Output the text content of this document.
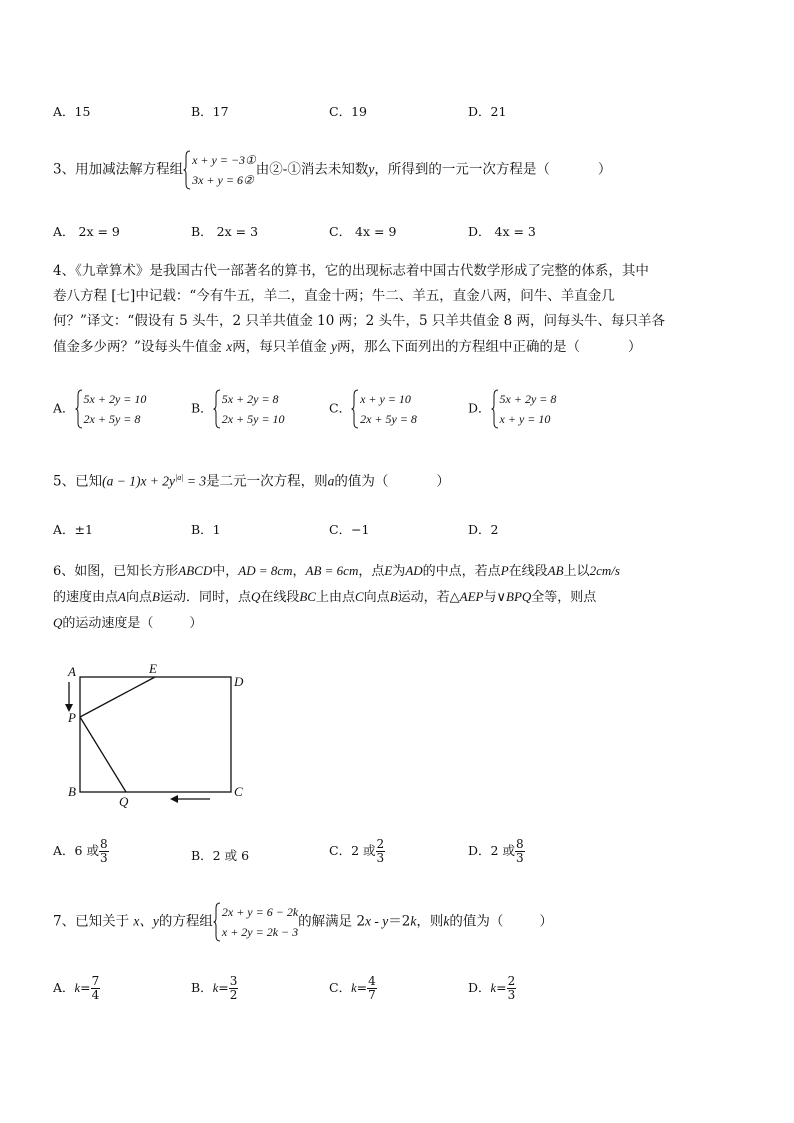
A．15	B．17	C．19	D．21
3、用加减法解方程组
x + y = −3①
3x + y = 6②
由②-①消去未知数y，所得到的一元一次方程是（	）
A． 2x = 9	B． 2x = 3	C． 4x = 9	D． 4x = 3
4、《九章算术》是我国古代一部著名的算书，它的出现标志着中国古代数学形成了完整的体系，其中
卷八方程 [七]中记载：“今有牛五，羊二，直金十两；牛二、羊五，直金八两，问牛、羊直金几
何？”译文：“假设有 5 头牛，2 只羊共值金 10 两；2 头牛，5 只羊共值金 8 两，问每头牛、每只羊各
值金多少两？”设每头牛值金 x两，每只羊值金 y两，那么下面列出的方程组中正确的是（	）
A．
5x + 2y = 10
2x + 5y = 8
B．
5x + 2y = 8
2x + 5y = 10
C．
x + y = 10
2x + 5y = 8
D．
5x + 2y = 8
x + y = 10
5、已知$(a - 1)x + 2y^{|a|} = 3$是二元一次方程，则a的值为（	）
A．±1	B．1	C．−1	D．2
6、如图，已知长方形ABCD中，AD = 8cm，AB = 6cm，点E为AD的中点，若点P在线段AB上以2cm/s
的速度由点A向点B运动．同时，点Q在线段BC上由点C向点B运动，若△AEP与∨BPQ全等，则点
Q的运动速度是（	）
A	E
D
P
B
Q
C
A．6 或 $\frac{8}{3}$	B．2 或 6	C．2 或 $\frac{2}{3}$	D．2 或 $\frac{8}{3}$
7、已知关于 x、y的方程组
2x + y = 6 − 2k
x + 2y = 2k − 3
的解满足 2x - y＝2k，则k的值为（	）
A．$k= \frac{7}{4}$	B．$k= \frac{3}{2}$	C．$k= \frac{4}{7}$	D．$k= \frac{2}{3}$
